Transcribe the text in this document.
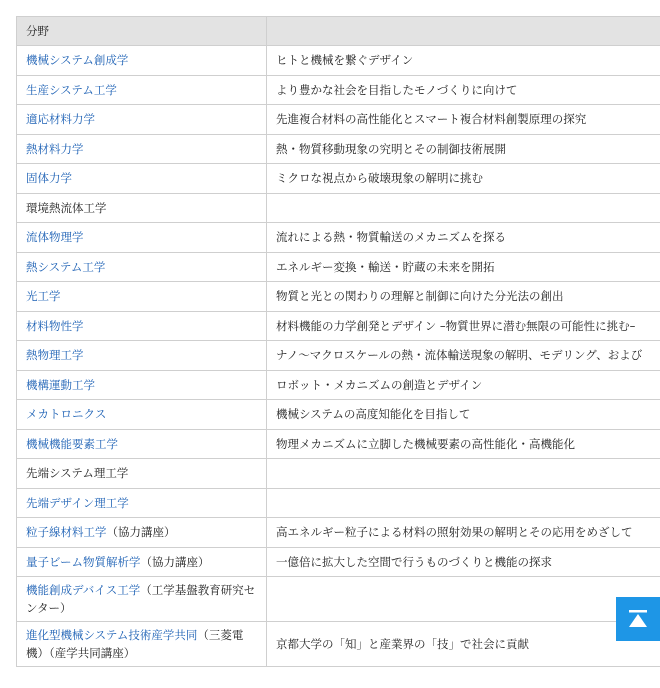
分野	
機械システム創成学	ヒトと機械を繋ぐデザイン
生産システム工学	より豊かな社会を目指したモノづくりに向けて
適応材料力学	先進複合材料の高性能化とスマート複合材料創製原理の探究
熱材料力学	熱・物質移動現象の究明とその制御技術展開
固体力学	ミクロな視点から破壊現象の解明に挑む
環境熱流体工学	
流体物理学	流れによる熱・物質輸送のメカニズムを探る
熱システム工学	エネルギー変換・輸送・貯蔵の未来を開拓
光工学	物質と光との関わりの理解と制御に向けた分光法の創出
材料物性学	材料機能の力学創発とデザイン –物質世界に潜む無限の可能性に挑む–
熱物理工学	ナノ〜マクロスケールの熱・流体輸送現象の解明、モデリング、および
機構運動工学	ロボット・メカニズムの創造とデザイン
メカトロニクス	機械システムの高度知能化を目指して
機械機能要素工学	物理メカニズムに立脚した機械要素の高性能化・高機能化
先端システム理工学	
先端デザイン理工学	
粒子線材料工学（協力講座）	高エネルギー粒子による材料の照射効果の解明とその応用をめざして
量子ビーム物質解析学（協力講座）	一億倍に拡大した空間で行うものづくりと機能の探求
機能創成デバイス工学（工学基盤教育研究センター）	
進化型機械システム技術産学共同（三菱電機）（産学共同講座）	京都大学の「知」と産業界の「技」で社会に貢献
